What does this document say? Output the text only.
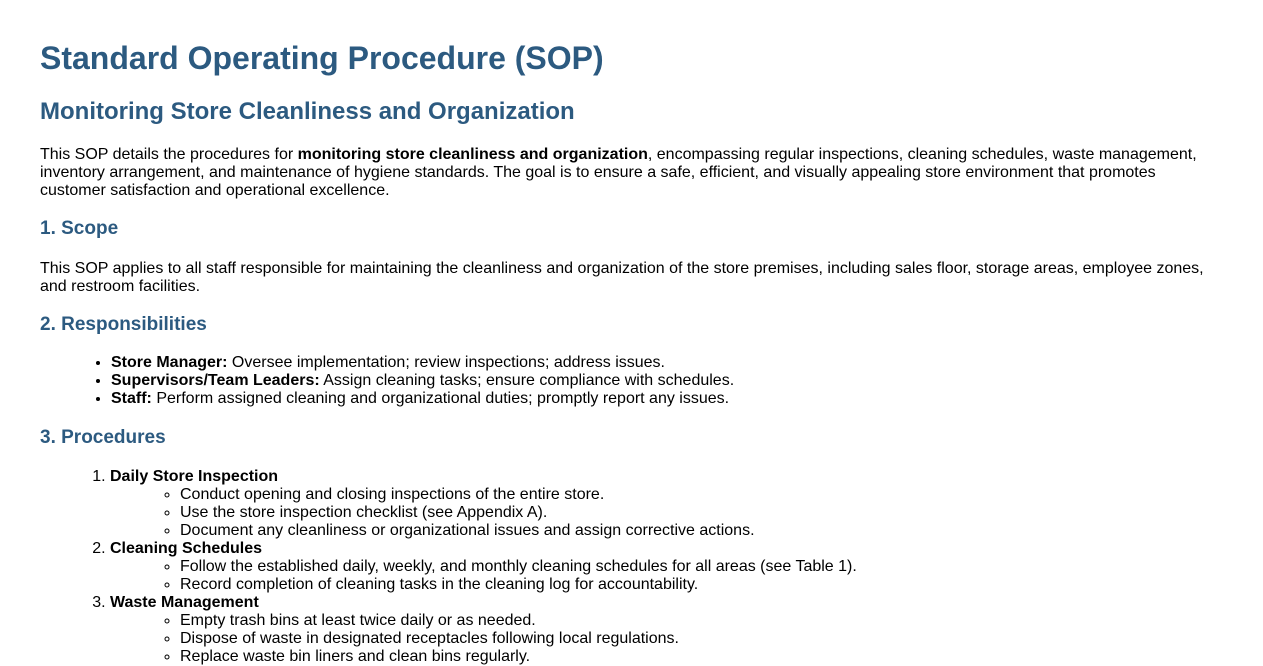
Standard Operating Procedure (SOP)
Monitoring Store Cleanliness and Organization

This SOP details the procedures for monitoring store cleanliness and organization, encompassing regular inspections, cleaning schedules, waste management, inventory arrangement, and maintenance of hygiene standards. The goal is to ensure a safe, efficient, and visually appealing store environment that promotes customer satisfaction and operational excellence.

1. Scope

This SOP applies to all staff responsible for maintaining the cleanliness and organization of the store premises, including sales floor, storage areas, employee zones, and restroom facilities.

2. Responsibilities
• Store Manager: Oversee implementation; review inspections; address issues.
• Supervisors/Team Leaders: Assign cleaning tasks; ensure compliance with schedules.
• Staff: Perform assigned cleaning and organizational duties; promptly report any issues.
3. Procedures
1. Daily Store Inspection
◦ Conduct opening and closing inspections of the entire store.
◦ Use the store inspection checklist (see Appendix A).
◦ Document any cleanliness or organizational issues and assign corrective actions.
2. Cleaning Schedules
◦ Follow the established daily, weekly, and monthly cleaning schedules for all areas (see Table 1).
◦ Record completion of cleaning tasks in the cleaning log for accountability.
3. Waste Management
◦ Empty trash bins at least twice daily or as needed.
◦ Dispose of waste in designated receptacles following local regulations.
◦ Replace waste bin liners and clean bins regularly.
